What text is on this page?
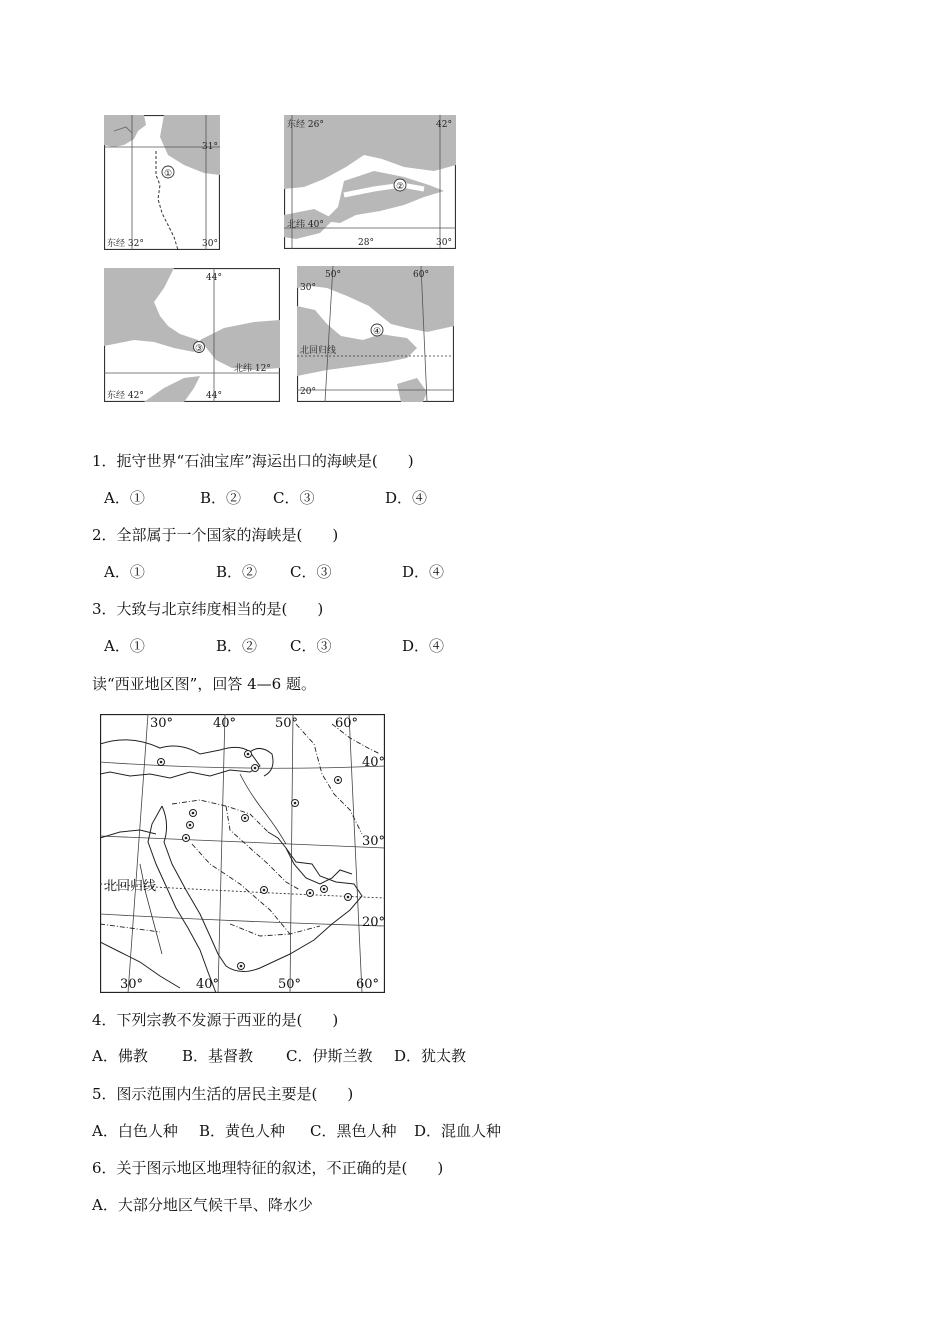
①
31°
东经 32°	30°
②
东经 26°	42°
北纬 40°
28°	30°
③
44°
北纬 12°
东经 42°	44°
④
50°	60°
30°
北回归线
20°
1．扼守世界“石油宝库”海运出口的海峡是(　　)
A．①	B．② C．③	D．④
2．全部属于一个国家的海峡是(　　)
A．①	B．② C．③	D．④
3．大致与北京纬度相当的是(　　)
A．①	B．② C．③	D．④
读“西亚地区图”，回答 4—6 题。
30°	40°	50°	60°
40°
30°
20°
北回归线
30°	40°	50°	60°
4．下列宗教不发源于西亚的是(　　)
A．佛教 B．基督教 C．伊斯兰教 D．犹太教
5．图示范围内生活的居民主要是(　　)
A．白色人种 B．黄色人种 C．黑色人种 D．混血人种
6．关于图示地区地理特征的叙述，不正确的是(　　)
A．大部分地区气候干旱、降水少
